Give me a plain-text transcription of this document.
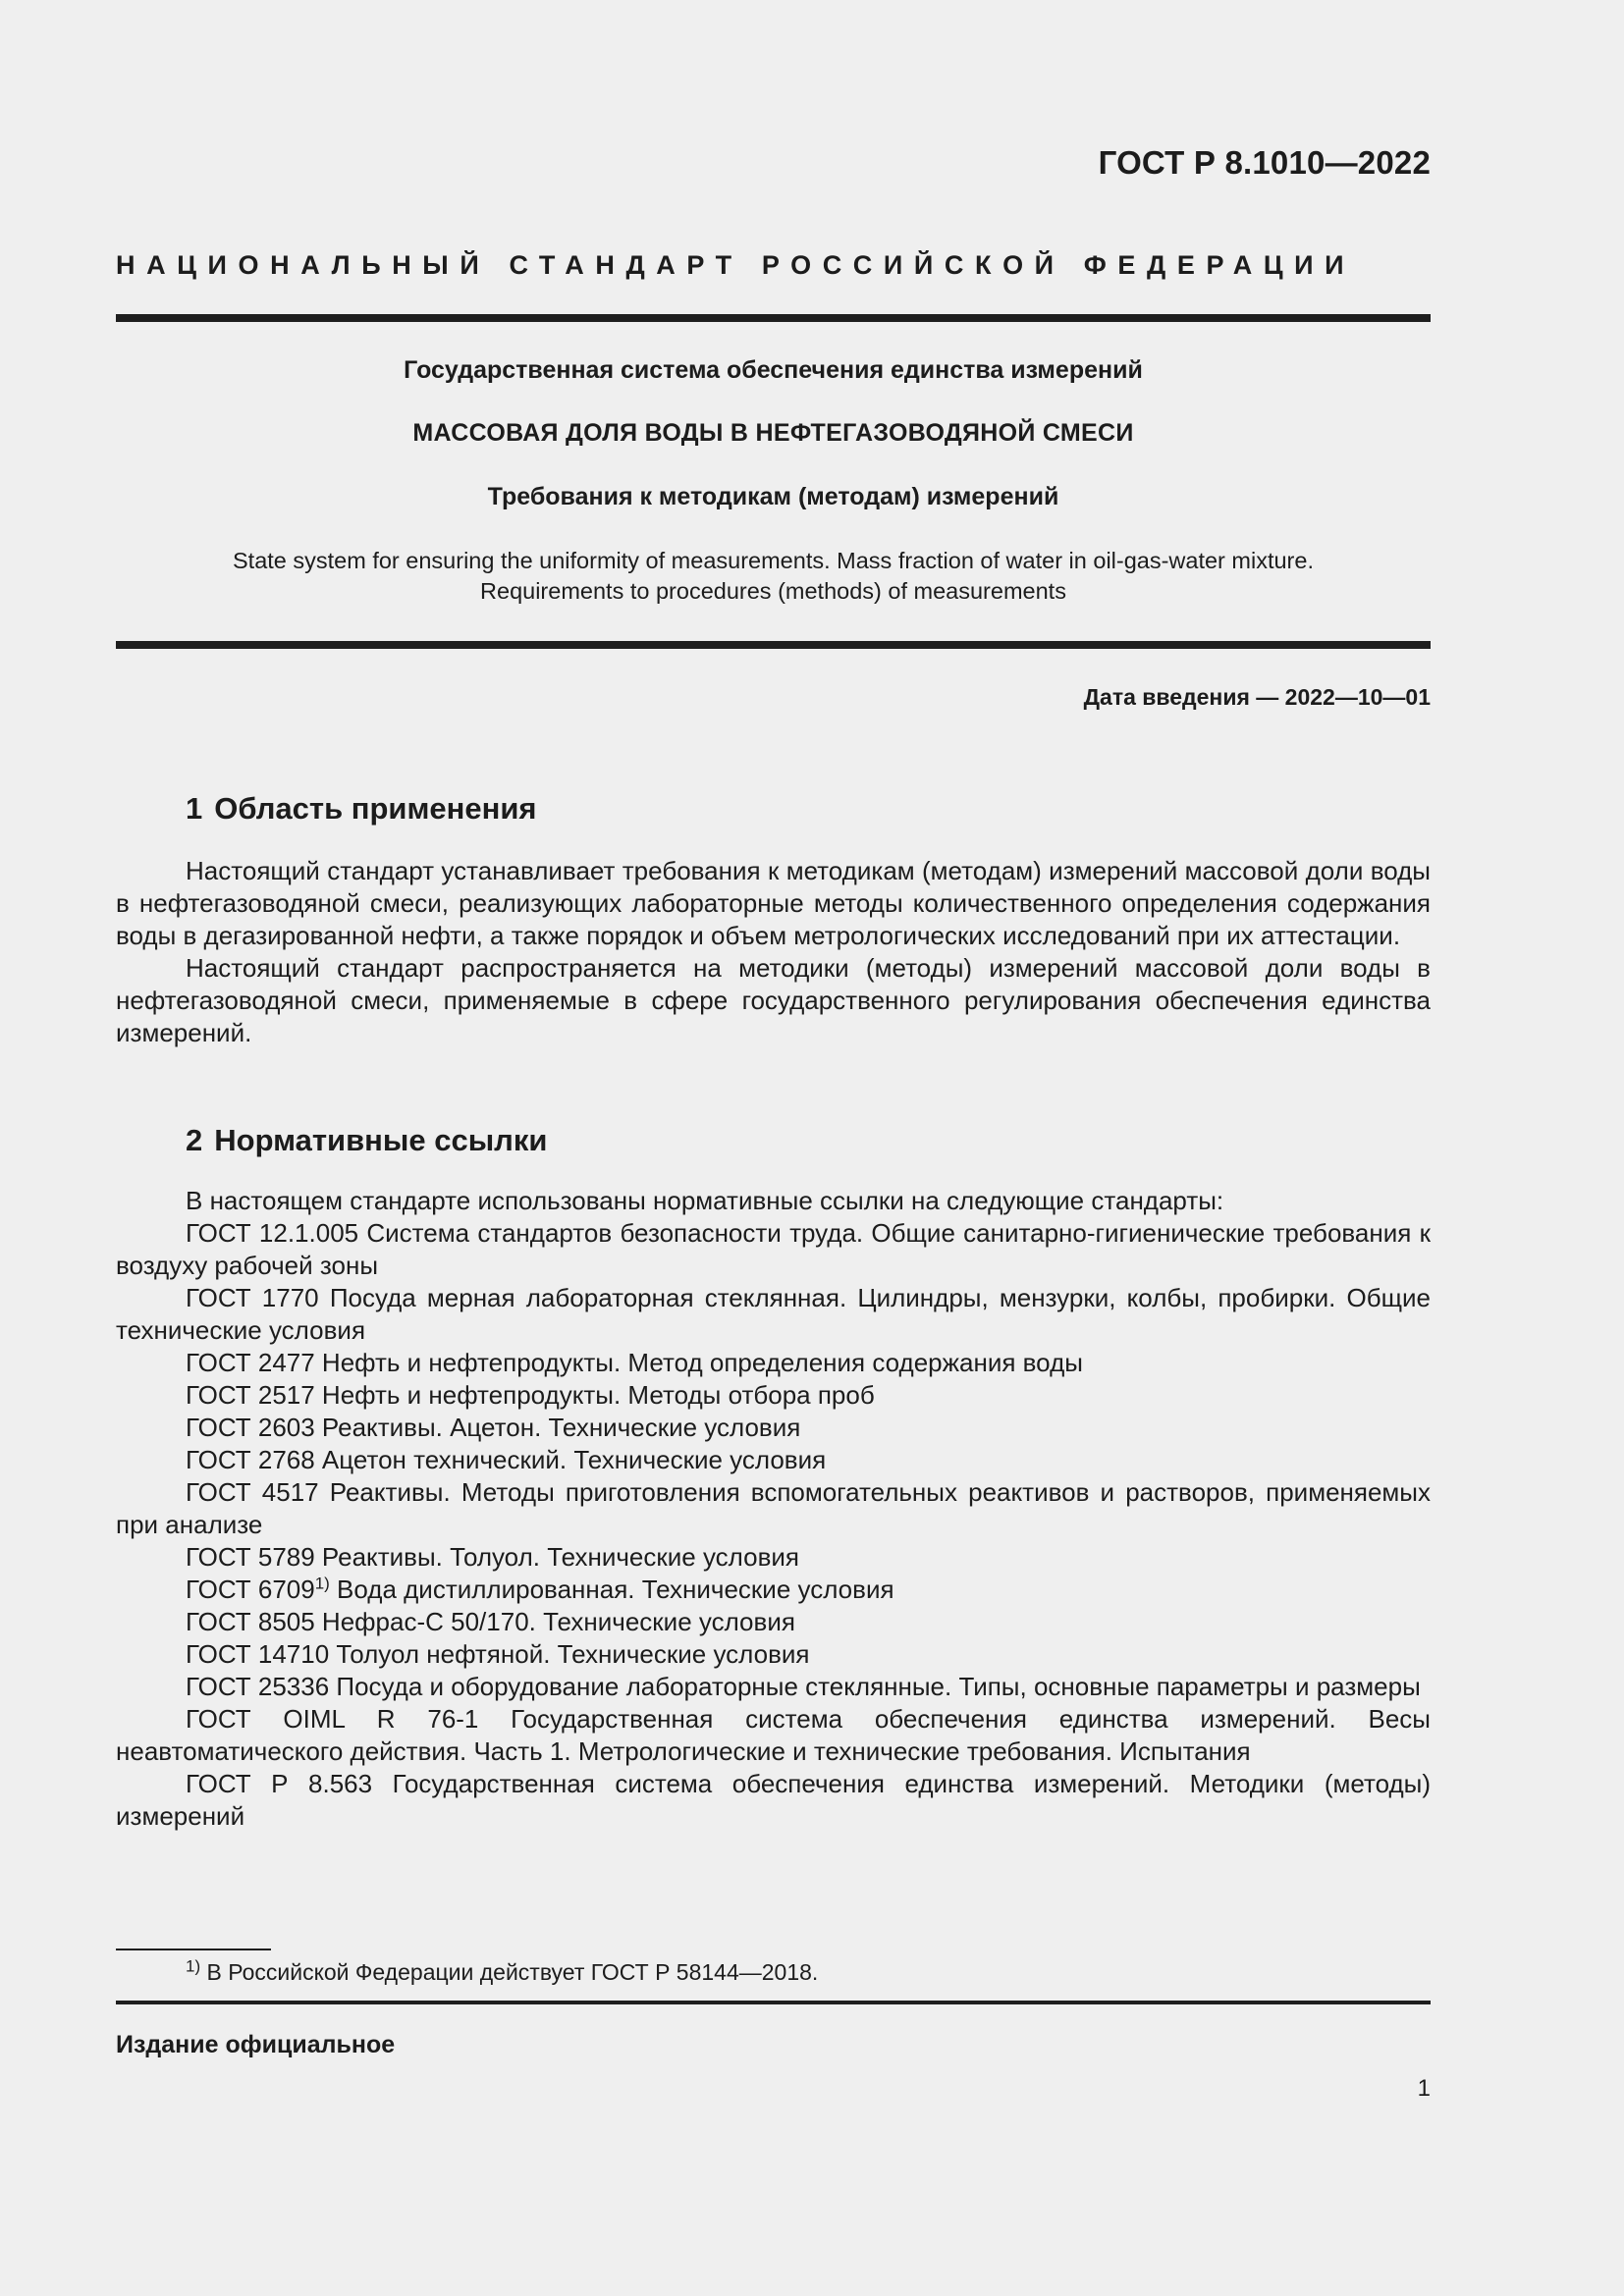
ГОСТ Р 8.1010—2022
НАЦИОНАЛЬНЫЙ СТАНДАРТ РОССИЙСКОЙ ФЕДЕРАЦИИ
Государственная система обеспечения единства измерений
МАССОВАЯ ДОЛЯ ВОДЫ В НЕФТЕГАЗОВОДЯНОЙ СМЕСИ
Требования к методикам (методам) измерений
State system for ensuring the uniformity of measurements. Mass fraction of water in oil-gas-water mixture.
Requirements to procedures (methods) of measurements
Дата введения — 2022—10—01
1 Область применения

Настоящий стандарт устанавливает требования к методикам (методам) измерений массовой доли воды в нефтегазоводяной смеси, реализующих лабораторные методы количественного определения содержания воды в дегазированной нефти, а также порядок и объем метрологических исследований при их аттестации.

Настоящий стандарт распространяется на методики (методы) измерений массовой доли воды в нефтегазоводяной смеси, применяемые в сфере государственного регулирования обеспечения единства измерений.

2 Нормативные ссылки

В настоящем стандарте использованы нормативные ссылки на следующие стандарты:

ГОСТ 12.1.005 Система стандартов безопасности труда. Общие санитарно-гигиенические требования к воздуху рабочей зоны

ГОСТ 1770 Посуда мерная лабораторная стеклянная. Цилиндры, мензурки, колбы, пробирки. Общие технические условия

ГОСТ 2477 Нефть и нефтепродукты. Метод определения содержания воды

ГОСТ 2517 Нефть и нефтепродукты. Методы отбора проб

ГОСТ 2603 Реактивы. Ацетон. Технические условия

ГОСТ 2768 Ацетон технический. Технические условия

ГОСТ 4517 Реактивы. Методы приготовления вспомогательных реактивов и растворов, применяемых при анализе

ГОСТ 5789 Реактивы. Толуол. Технические условия

ГОСТ 6709$^{1)}$ Вода дистиллированная. Технические условия

ГОСТ 8505 Нефрас-С 50/170. Технические условия

ГОСТ 14710 Толуол нефтяной. Технические условия

ГОСТ 25336 Посуда и оборудование лабораторные стеклянные. Типы, основные параметры и размеры

ГОСТ OIML R 76-1 Государственная система обеспечения единства измерений. Весы неавтоматического действия. Часть 1. Метрологические и технические требования. Испытания

ГОСТ Р 8.563 Государственная система обеспечения единства измерений. Методики (методы) измерений

$^{1)}$ В Российской Федерации действует ГОСТ Р 58144—2018.
Издание официальное
1
